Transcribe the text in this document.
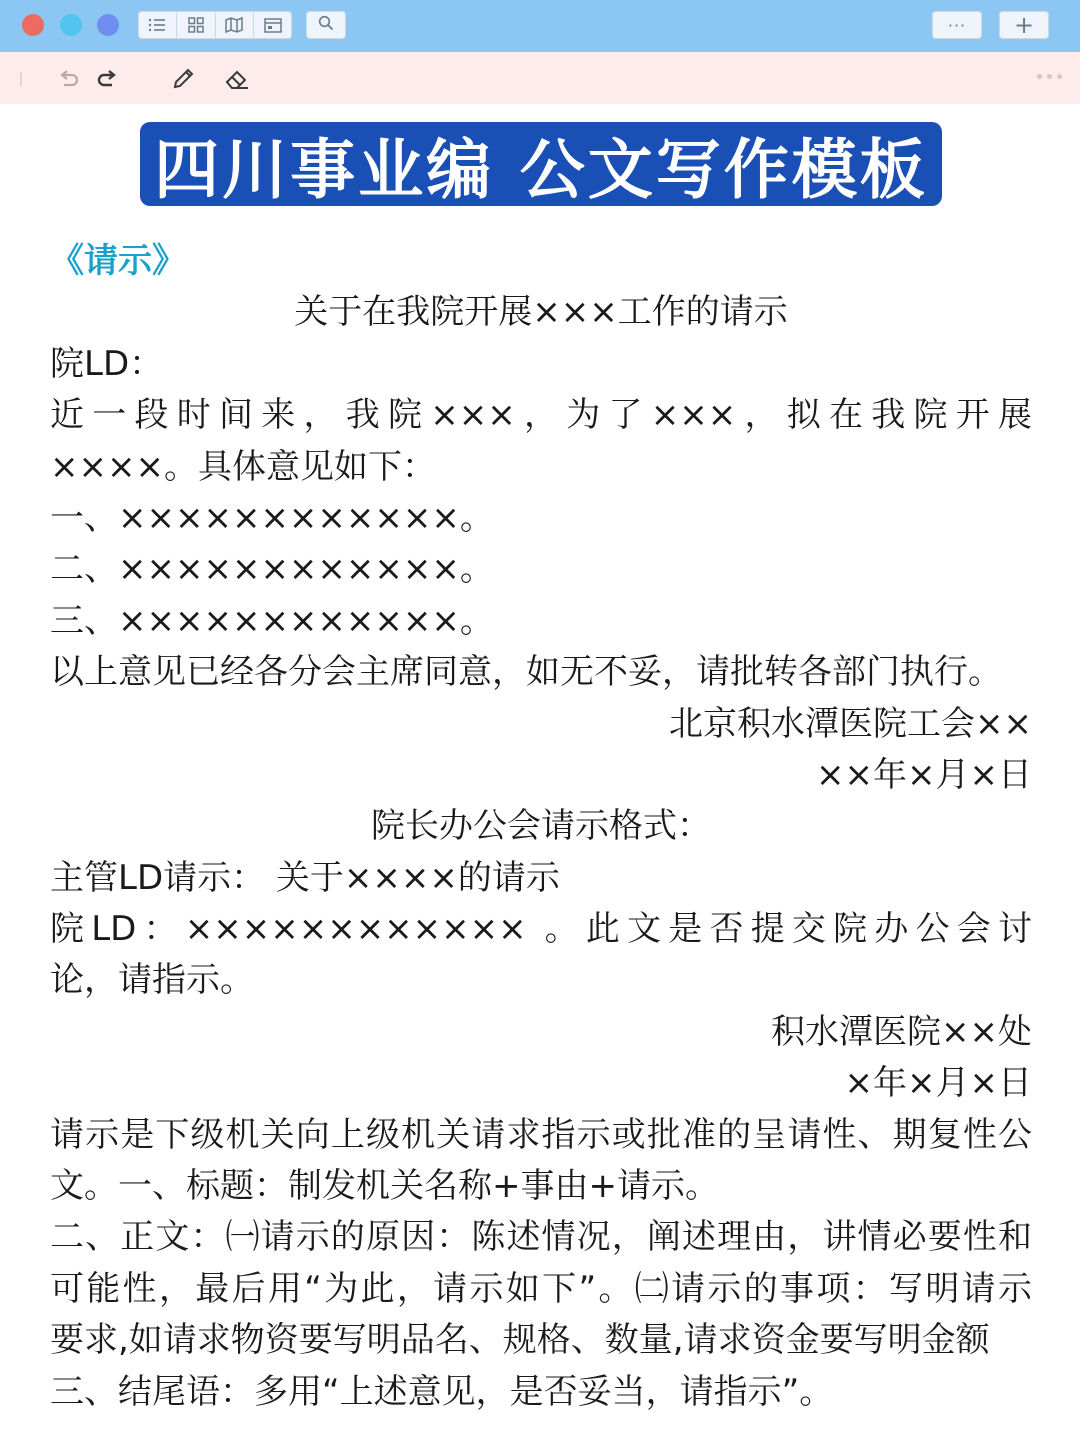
···	+
四川事业编 公文写作模板
《请示》
关于在我院开展×××工作的请示
院LD：
近一段时间来，我院×××，为了×××，拟在我院开展
××××。具体意见如下：
一、××××××××××××。
二、××××××××××××。
三、××××××××××××。
以上意见已经各分会主席同意，如无不妥，请批转各部门执行。
北京积水潭医院工会××
××年×月×日
院长办公会请示格式：
主管LD请示： 关于××××的请示
院LD：×××××××××××× 。此文是否提交院办公会讨
论，请指示。
积水潭医院××处
×年×月×日
请示是下级机关向上级机关请求指示或批准的呈请性、期复性公
文。一、标题：制发机关名称+事由+请示。
二、正文：㈠请示的原因：陈述情况，阐述理由，讲情必要性和
可能性，最后用“为此，请示如下”。㈡请示的事项：写明请示
要求,如请求物资要写明品名、规格、数量,请求资金要写明金额
三、结尾语：多用“上述意见，是否妥当，请指示”。
